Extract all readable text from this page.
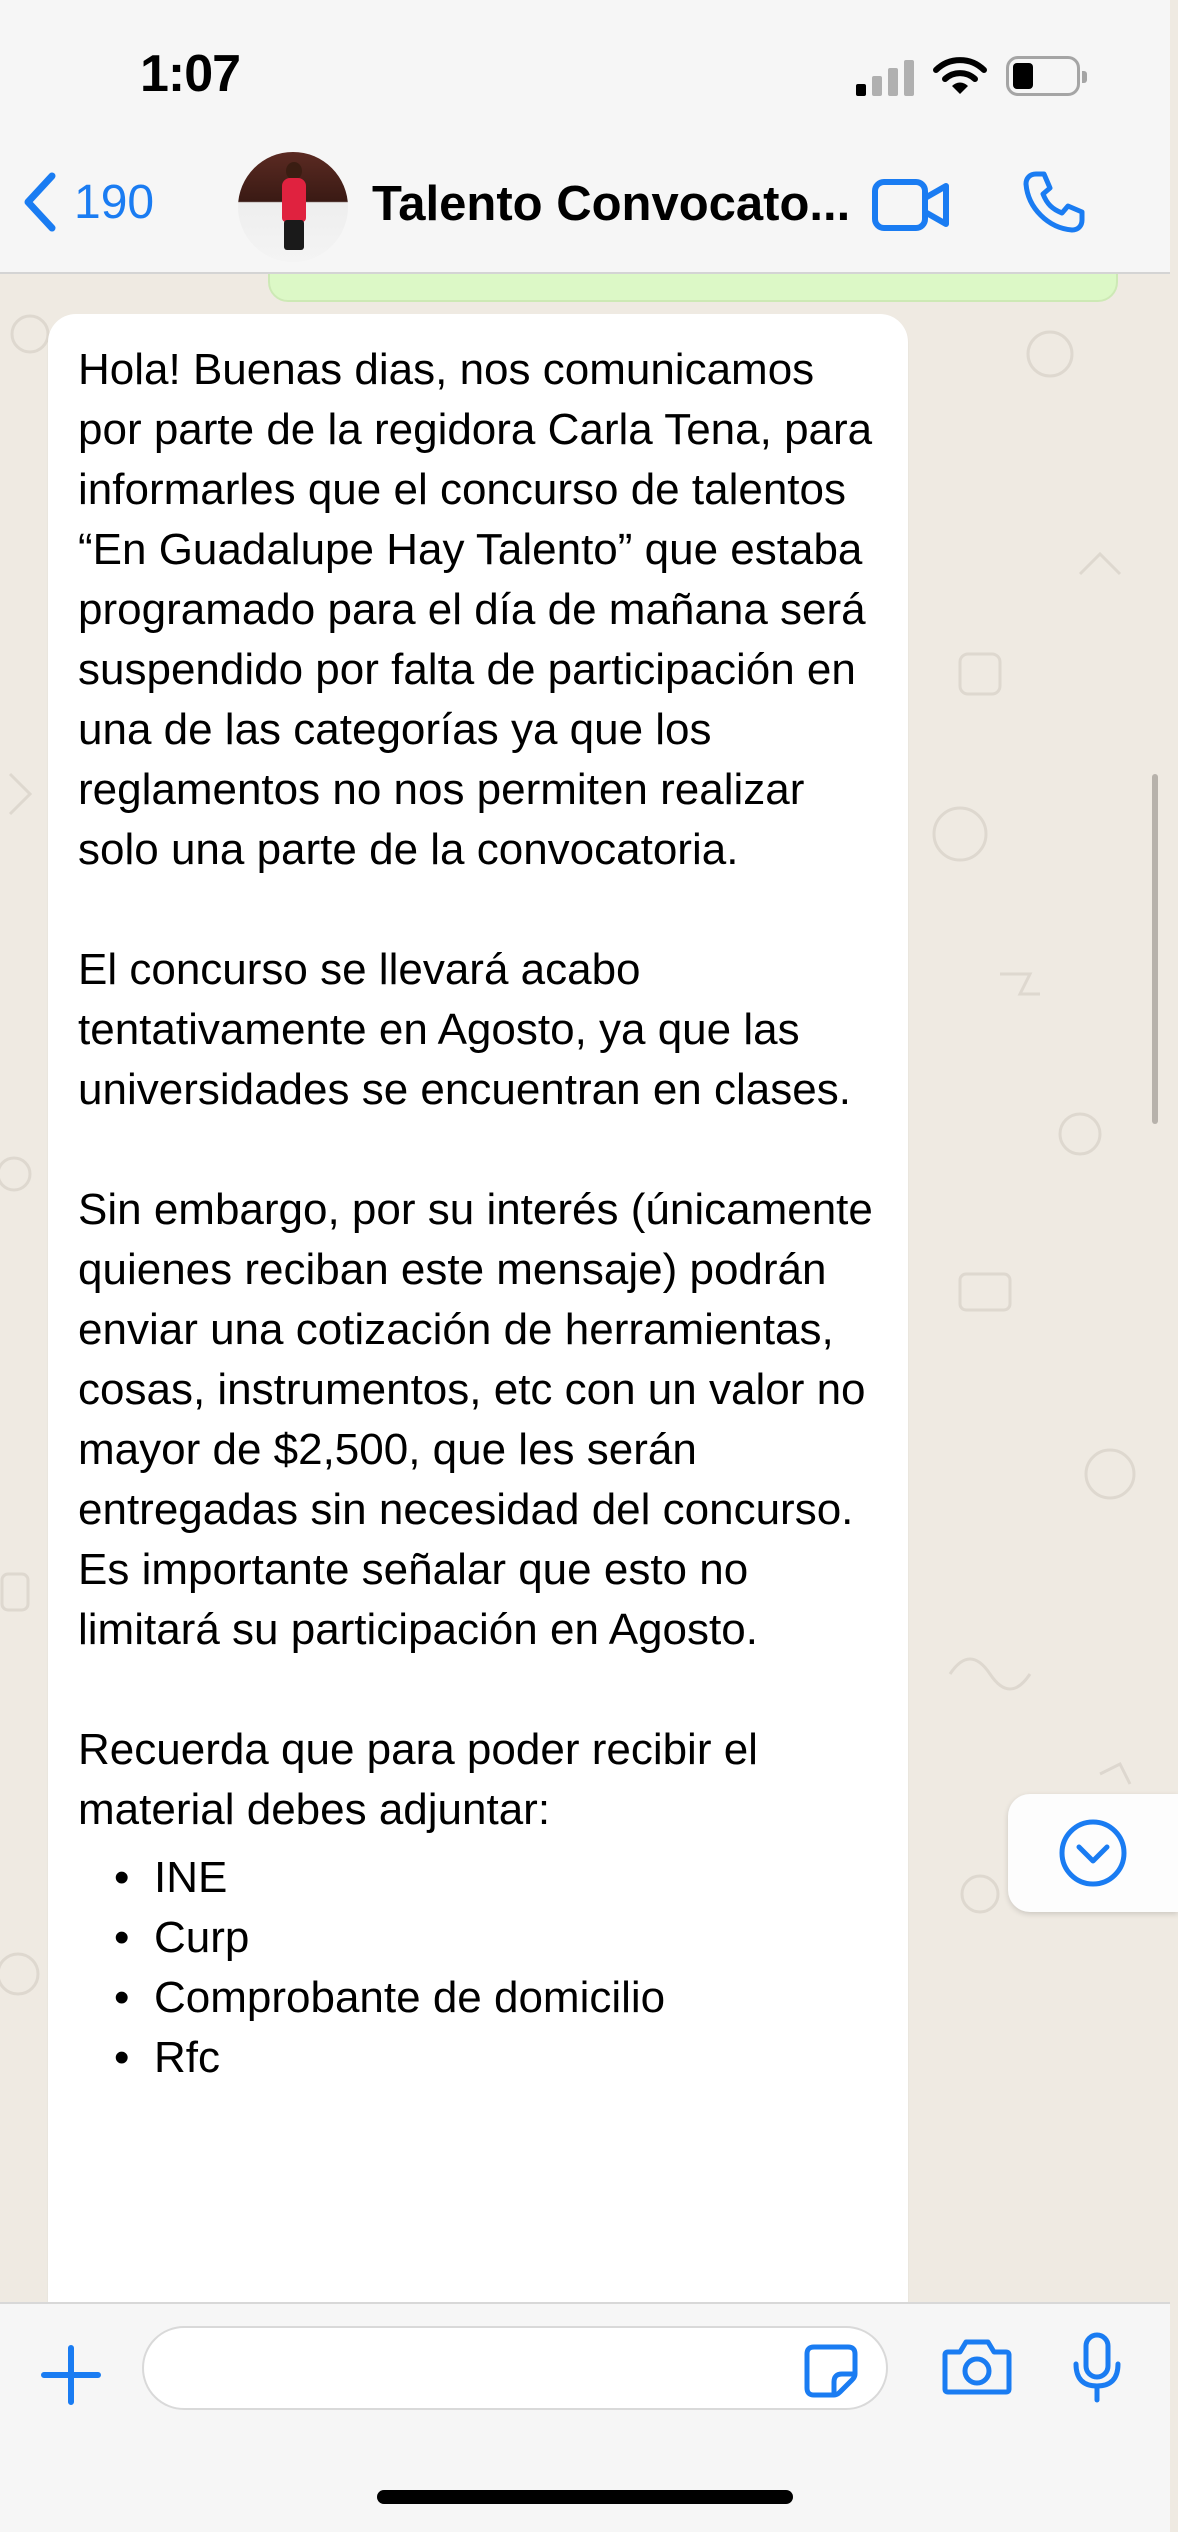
1:07
190	Talento Convocato...

Hola! Buenas dias, nos comunicamos por parte de la regidora Carla Tena, para informarles que el concurso de talentos “En Guadalupe Hay Talento” que estaba programado para el día de mañana será suspendido por falta de participación en una de las categorías ya que los reglamentos no nos permiten realizar solo una parte de la convocatoria.

El concurso se llevará acabo tentativamente en Agosto, ya que las universidades se encuentran en clases.

Sin embargo, por su interés (únicamente quienes reciban este mensaje) podrán enviar una cotización de herramientas, cosas, instrumentos, etc con un valor no mayor de $2,500, que les serán entregadas sin necesidad del concurso. Es importante señalar que esto no limitará su participación en Agosto.

Recuerda que para poder recibir el material debes adjuntar:

• INE
• Curp
• Comprobante de domicilio
• Rfc
